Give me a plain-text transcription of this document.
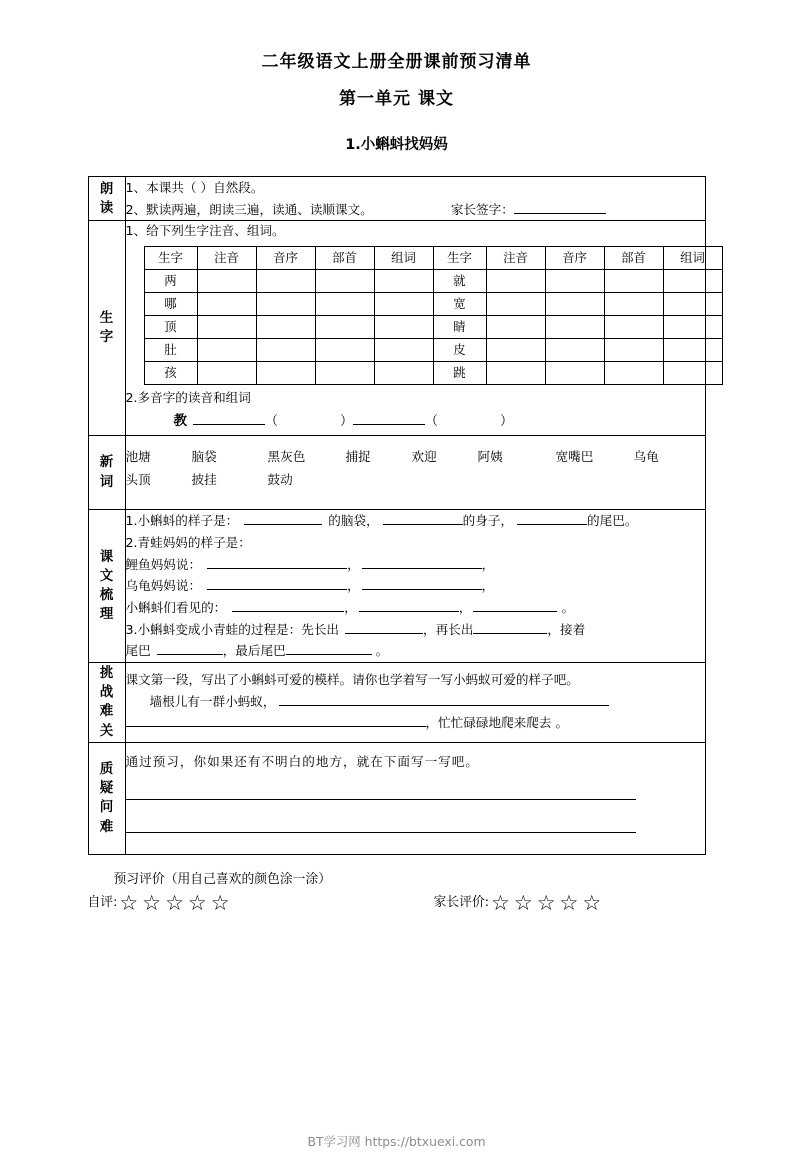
二年级语文上册全册课前预习清单
第一单元 课文
1.小蝌蚪找妈妈
朗
读

1、本课共（ ）自然段。
2、默读两遍，朗读三遍，读通、读顺课文。	家长签字：

生
字

1、给下列生字注音、组词。
生字	注音	音序	部首	组词	生字	注音	音序	部首	组词
两					就				
哪					宽				
顶					睛				
肚					皮				
孩					跳				
2.多音字的读音和组词
教	（	）	（	）

新
词

池塘	脑袋	黑灰色	捕捉	欢迎	阿姨	宽嘴巴	乌龟
头顶	披挂	鼓动

课
文
梳
理

1.小蝌蚪的样子是：	的脑袋，	的身子，	的尾巴。
2.青蛙妈妈的样子是：
鲤鱼妈妈说：	，	，
乌龟妈妈说：	，	，
小蝌蚪们看见的：	，	，	。
3.小蝌蚪变成小青蛙的过程是：先长出	，再长出	，接着
尾巴	，最后尾巴	。

挑
战
难
关

课文第一段，写出了小蝌蚪可爱的模样。请你也学着写一写小蚂蚁可爱的样子吧。
墙根儿有一群小蚂蚁，
，忙忙碌碌地爬来爬去 。

质
疑
问
难

通过预习，你如果还有不明白的地方，就在下面写一写吧。
预习评价（用自己喜欢的颜色涂一涂）
自评: ☆ ☆ ☆ ☆ ☆	家长评价: ☆ ☆ ☆ ☆ ☆
BT学习网 https://btxuexi.com
